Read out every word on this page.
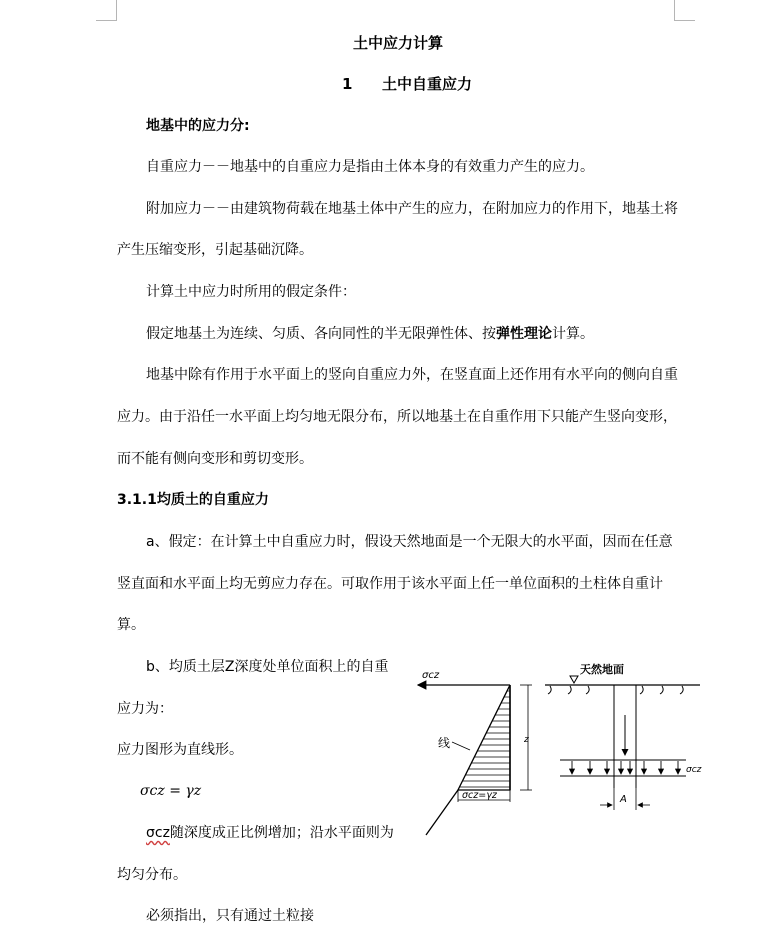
土中应力计算
1 土中自重应力
地基中的应力分:
自重应力－－地基中的自重应力是指由土体本身的有效重力产生的应力。
附加应力－－由建筑物荷载在地基土体中产生的应力，在附加应力的作用下，地基土将
产生压缩变形，引起基础沉降。
计算土中应力时所用的假定条件：
假定地基土为连续、匀质、各向同性的半无限弹性体、按弹性理论计算。
地基中除有作用于水平面上的竖向自重应力外，在竖直面上还作用有水平向的侧向自重
应力。由于沿任一水平面上均匀地无限分布，所以地基土在自重作用下只能产生竖向变形，
而不能有侧向变形和剪切变形。
3.1.1均质土的自重应力
a、假定：在计算土中自重应力时，假设天然地面是一个无限大的水平面，因而在任意
竖直面和水平面上均无剪应力存在。可取作用于该水平面上任一单位面积的土柱体自重计
算。
b、均质土层Z深度处单位面积上的自重
应力为：
应力图形为直线形。
σcz = γz
σcz随深度成正比例增加；沿水平面则为
均匀分布。
必须指出，只有通过土粒接
σcz
线
σcz=γz
z
天然地面
σcz
A
